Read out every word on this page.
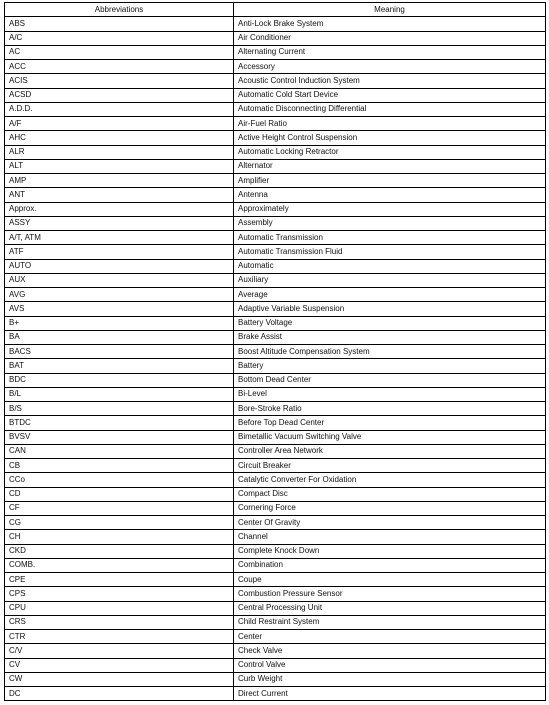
Abbreviations	Meaning
ABS	Anti-Lock Brake System
A/C	Air Conditioner
AC	Alternating Current
ACC	Accessory
ACIS	Acoustic Control Induction System
ACSD	Automatic Cold Start Device
A.D.D.	Automatic Disconnecting Differential
A/F	Air-Fuel Ratio
AHC	Active Height Control Suspension
ALR	Automatic Locking Retractor
ALT	Alternator
AMP	Amplifier
ANT	Antenna
Approx.	Approximately
ASSY	Assembly
A/T, ATM	Automatic Transmission
ATF	Automatic Transmission Fluid
AUTO	Automatic
AUX	Auxiliary
AVG	Average
AVS	Adaptive Variable Suspension
B+	Battery Voltage
BA	Brake Assist
BACS	Boost Altitude Compensation System
BAT	Battery
BDC	Bottom Dead Center
B/L	Bi-Level
B/S	Bore-Stroke Ratio
BTDC	Before Top Dead Center
BVSV	Bimetallic Vacuum Switching Valve
CAN	Controller Area Network
CB	Circuit Breaker
CCo	Catalytic Converter For Oxidation
CD	Compact Disc
CF	Cornering Force
CG	Center Of Gravity
CH	Channel
CKD	Complete Knock Down
COMB.	Combination
CPE	Coupe
CPS	Combustion Pressure Sensor
CPU	Central Processing Unit
CRS	Child Restraint System
CTR	Center
C/V	Check Valve
CV	Control Valve
CW	Curb Weight
DC	Direct Current
